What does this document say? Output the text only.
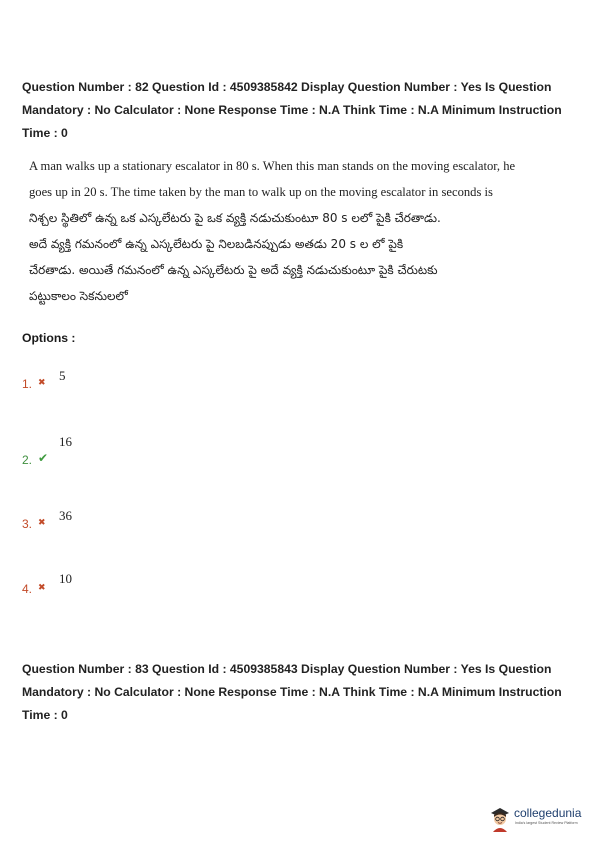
Question Number : 82 Question Id : 4509385842 Display Question Number : Yes Is Question
Mandatory : No Calculator : None Response Time : N.A Think Time : N.A Minimum Instruction
Time : 0
A man walks up a stationary escalator in 80 s. When this man stands on the moving escalator, he
goes up in 20 s. The time taken by the man to walk up on the moving escalator in seconds is
నిశ్చల స్థితిలో ఉన్న ఒక ఎస్కలేటరు పై ఒక వ్యక్తి నడుచుకుంటూ 80 s లలో పైకి చేరతాడు.
అదే వ్యక్తి గమనంలో ఉన్న ఎస్కలేటరు పై నిలబడినప్పుడు అతడు 20 s ల లో పైకి
చేరతాడు. అయితే గమనంలో ఉన్న ఎస్కలేటరు పై అదే వ్యక్తి నడుచుకుంటూ పైకి చేరుటకు
పట్టుకాలం సెకనులలో
Options :
1. ✖ 5
2. ✔
16
3. ✖ 36
4. ✖
10
Question Number : 83 Question Id : 4509385843 Display Question Number : Yes Is Question
Mandatory : No Calculator : None Response Time : N.A Think Time : N.A Minimum Instruction
Time : 0
collegedunia
India's largest Student Review Platform
